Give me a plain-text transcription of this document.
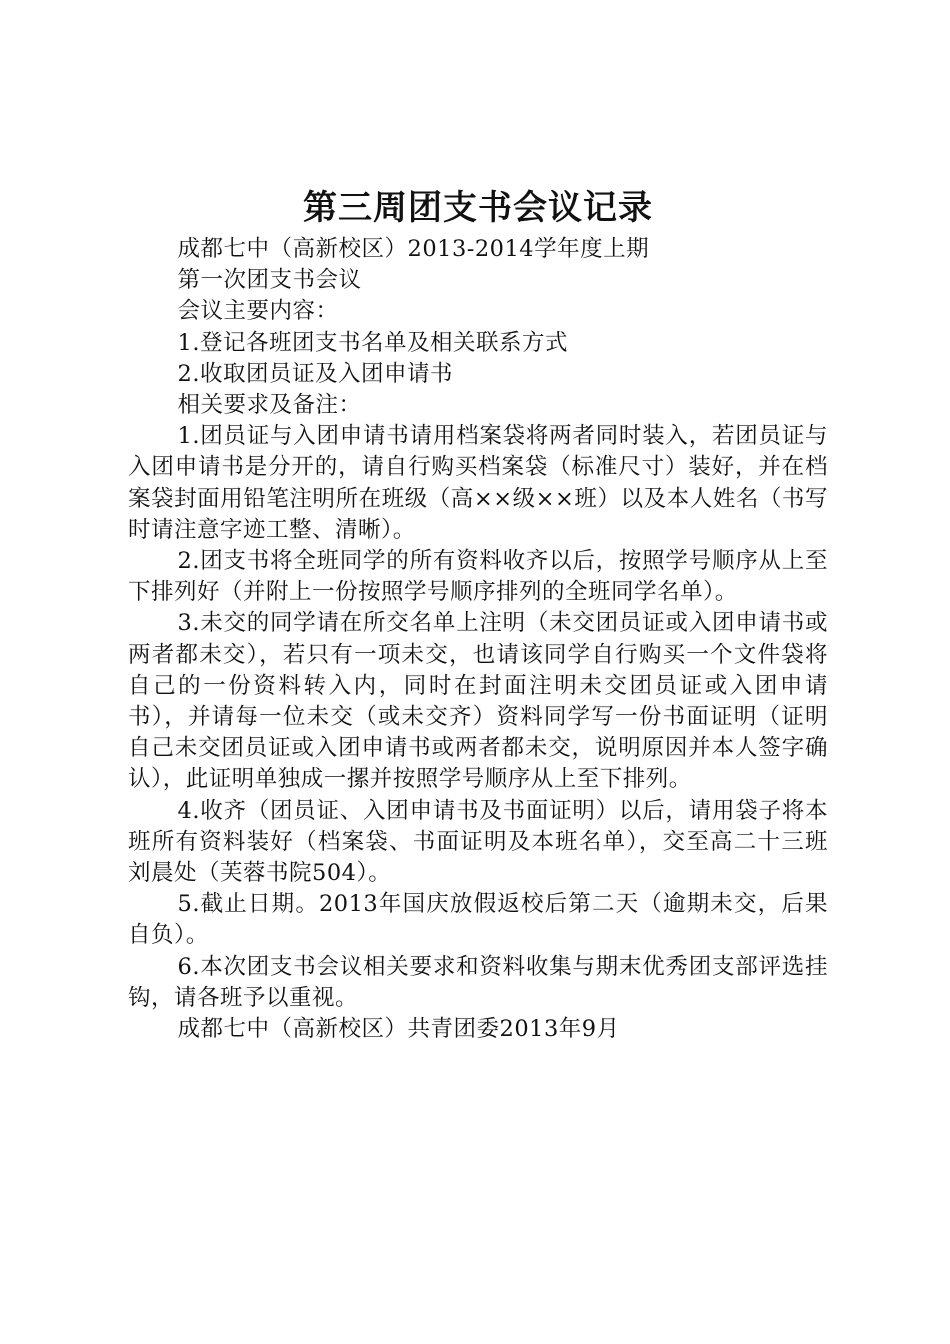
第三周团支书会议记录

成都七中（高新校区）2013-2014学年度上期

第一次团支书会议

会议主要内容：

1.登记各班团支书名单及相关联系方式

2.收取团员证及入团申请书

相关要求及备注：

1.团员证与入团申请书请用档案袋将两者同时装入，若团员证与入团申请书是分开的，请自行购买档案袋（标准尺寸）装好，并在档案袋封面用铅笔注明所在班级（高××级××班）以及本人姓名（书写时请注意字迹工整、清晰）。

2.团支书将全班同学的所有资料收齐以后，按照学号顺序从上至下排列好（并附上一份按照学号顺序排列的全班同学名单）。

3.未交的同学请在所交名单上注明（未交团员证或入团申请书或两者都未交），若只有一项未交，也请该同学自行购买一个文件袋将自己的一份资料转入内，同时在封面注明未交团员证或入团申请书），并请每一位未交（或未交齐）资料同学写一份书面证明（证明自己未交团员证或入团申请书或两者都未交，说明原因并本人签字确认），此证明单独成一摞并按照学号顺序从上至下排列。

4.收齐（团员证、入团申请书及书面证明）以后，请用袋子将本班所有资料装好（档案袋、书面证明及本班名单），交至高二十三班刘晨处（芙蓉书院504）。

5.截止日期。2013年国庆放假返校后第二天（逾期未交，后果自负）。

6.本次团支书会议相关要求和资料收集与期末优秀团支部评选挂钩，请各班予以重视。

成都七中（高新校区）共青团委2013年9月
